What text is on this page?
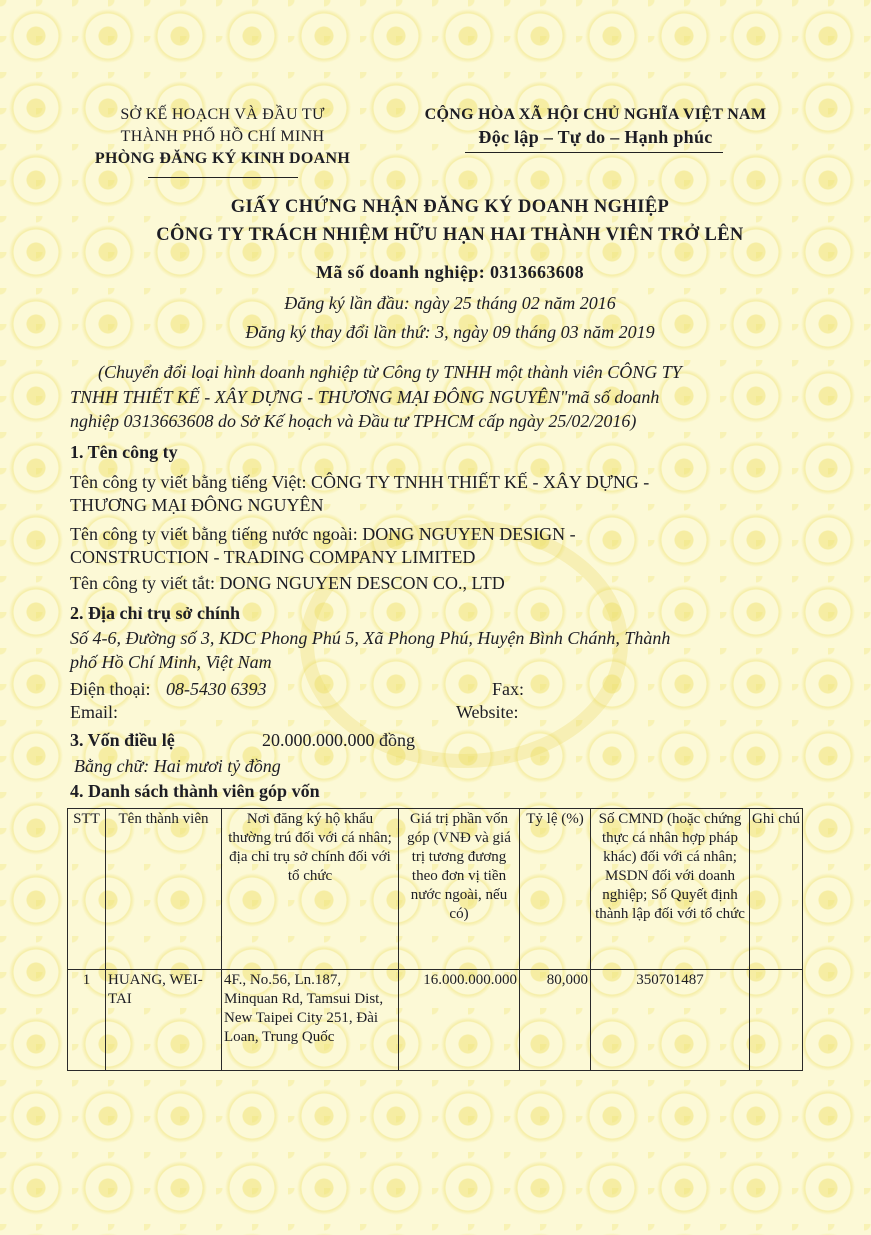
SỞ KẾ HOẠCH VÀ ĐẦU TƯ
THÀNH PHỐ HỒ CHÍ MINH
PHÒNG ĐĂNG KÝ KINH DOANH
CỘNG HÒA XÃ HỘI CHỦ NGHĨA VIỆT NAM
Độc lập – Tự do – Hạnh phúc
GIẤY CHỨNG NHẬN ĐĂNG KÝ DOANH NGHIỆP
CÔNG TY TRÁCH NHIỆM HỮU HẠN HAI THÀNH VIÊN TRỞ LÊN
Mã số doanh nghiệp: 0313663608
Đăng ký lần đầu: ngày 25 tháng 02 năm 2016
Đăng ký thay đổi lần thứ: 3, ngày 09 tháng 03 năm 2019
(Chuyển đổi loại hình doanh nghiệp từ Công ty TNHH một thành viên CÔNG TY
TNHH THIẾT KẾ - XÂY DỰNG - THƯƠNG MẠI ĐÔNG NGUYÊN"mã số doanh
nghiệp 0313663608 do Sở Kế hoạch và Đầu tư TPHCM cấp ngày 25/02/2016)
1. Tên công ty
Tên công ty viết bằng tiếng Việt: CÔNG TY TNHH THIẾT KẾ - XÂY DỰNG -
THƯƠNG MẠI ĐÔNG NGUYÊN
Tên công ty viết bằng tiếng nước ngoài: DONG NGUYEN DESIGN -
CONSTRUCTION - TRADING COMPANY LIMITED
Tên công ty viết tắt: DONG NGUYEN DESCON CO., LTD
2. Địa chỉ trụ sở chính
Số 4-6, Đường số 3, KDC Phong Phú 5, Xã Phong Phú, Huyện Bình Chánh, Thành
phố Hồ Chí Minh, Việt Nam
Điện thoại: 08-5430 6393	Fax:
Email:	Website:
3. Vốn điều lệ	20.000.000.000 đồng
Bằng chữ: Hai mươi tỷ đồng
4. Danh sách thành viên góp vốn
STT	Tên thành viên	Nơi đăng ký hộ khẩu thường trú đối với cá nhân; địa chỉ trụ sở chính đối với tổ chức	Giá trị phần vốn góp (VNĐ và giá trị tương đương theo đơn vị tiền nước ngoài, nếu có)	Tỷ lệ (%)	Số CMND (hoặc chứng thực cá nhân hợp pháp khác) đối với cá nhân; MSDN đối với doanh nghiệp; Số Quyết định thành lập đối với tổ chức	Ghi chú
1	HUANG, WEI-TAI	4F., No.56, Ln.187, Minquan Rd, Tamsui Dist, New Taipei City 251, Đài Loan, Trung Quốc	16.000.000.000	80,000	350701487	
